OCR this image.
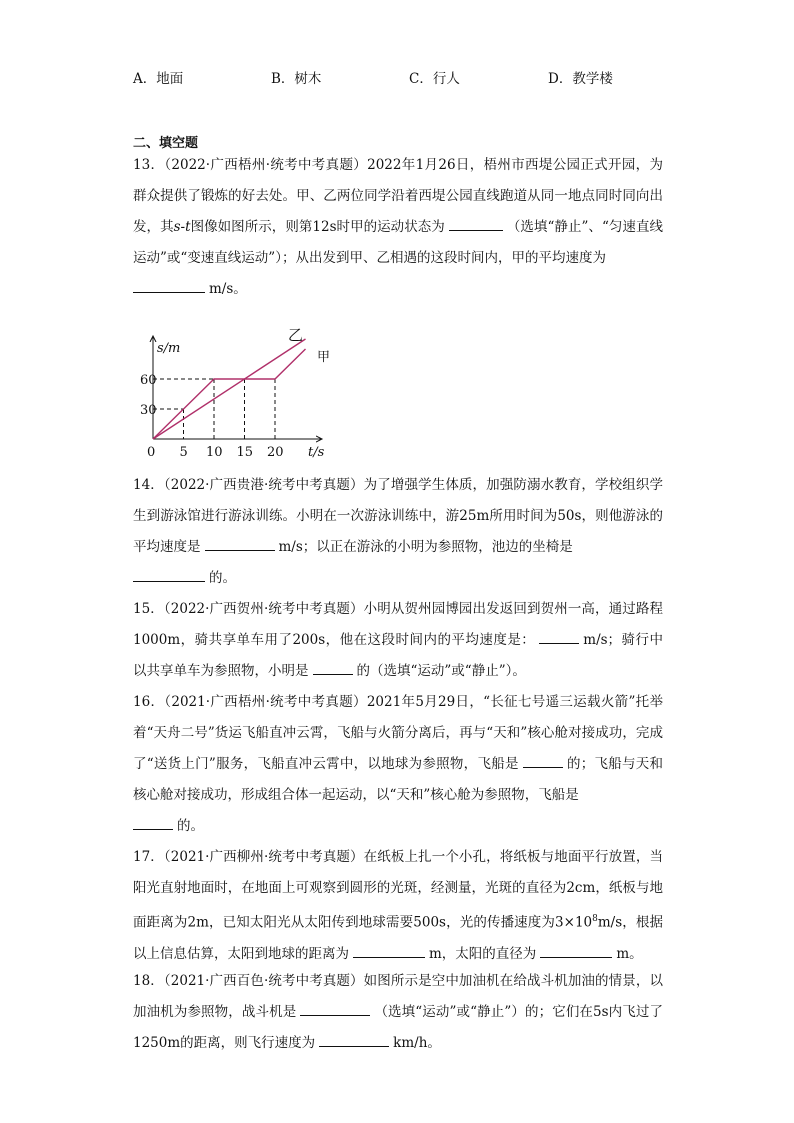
A．地面	B．树木	C．行人	D．教学楼
二、填空题
13．（2022·广西梧州·统考中考真题）2022年1月26日，梧州市西堤公园正式开园，为群众提供了锻炼的好去处。甲、乙两位同学沿着西堤公园直线跑道从同一地点同时同向出发，其s-t图像如图所示，则第12s时甲的运动状态为	（选填“静止”、“匀速直线运动”或“变速直线运动”）；从出发到甲、乙相遇的这段时间内，甲的平均速度为
m/s。
30
60
5 10 15 20
s/m
t/s
0
乙
甲
14．（2022·广西贵港·统考中考真题）为了增强学生体质，加强防溺水教育，学校组织学生到游泳馆进行游泳训练。小明在一次游泳训练中，游25m所用时间为50s，则他游泳的平均速度是	m/s；以正在游泳的小明为参照物，池边的坐椅是
的。
15．（2022·广西贺州·统考中考真题）小明从贺州园博园出发返回到贺州一高，通过路程1000m，骑共享单车用了200s，他在这段时间内的平均速度是：	m/s；骑行中以共享单车为参照物，小明是	的（选填“运动”或“静止”）。
16．（2021·广西梧州·统考中考真题）2021年5月29日，“长征七号遥三运载火箭”托举着“天舟二号”货运飞船直冲云霄，飞船与火箭分离后，再与“天和”核心舱对接成功，完成了“送货上门”服务，飞船直冲云霄中，以地球为参照物，飞船是	的；飞船与天和核心舱对接成功，形成组合体一起运动，以“天和”核心舱为参照物，飞船是
的。
17．（2021·广西柳州·统考中考真题）在纸板上扎一个小孔，将纸板与地面平行放置，当阳光直射地面时，在地面上可观察到圆形的光斑，经测量，光斑的直径为2cm，纸板与地面距离为2m，已知太阳光从太阳传到地球需要500s，光的传播速度为$3\times 10^8m/s$，根据以上信息估算，太阳到地球的距离为	m，太阳的直径为	m。
18．（2021·广西百色·统考中考真题）如图所示是空中加油机在给战斗机加油的情景，以加油机为参照物，战斗机是	（选填“运动”或“静止”）的；它们在5s内飞过了1250m的距离，则飞行速度为	km/h。
